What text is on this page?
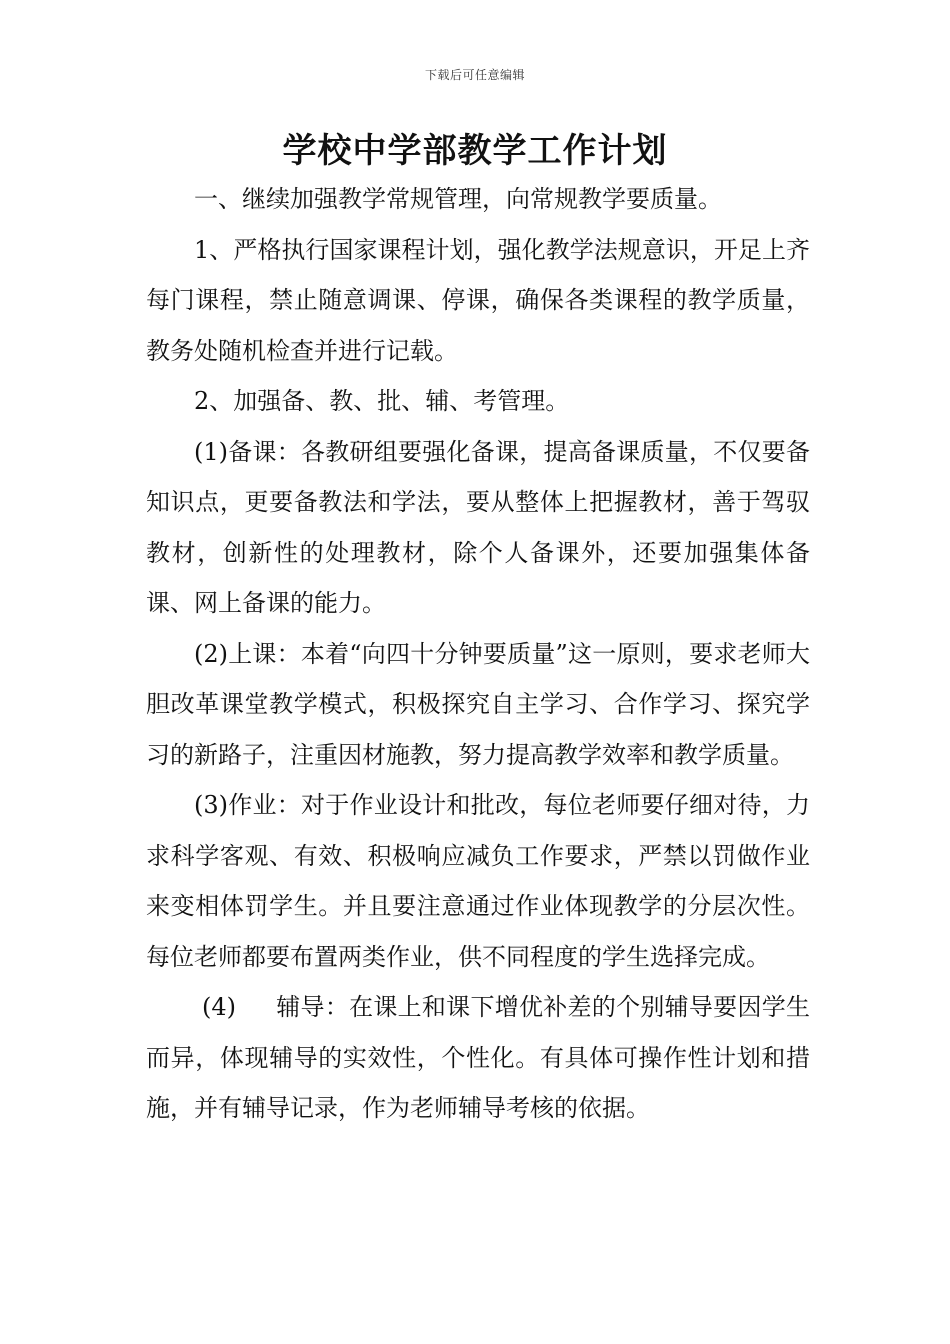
下载后可任意编辑
学校中学部教学工作计划

一、继续加强教学常规管理，向常规教学要质量。

1、严格执行国家课程计划，强化教学法规意识，开足上齐每门课程，禁止随意调课、停课，确保各类课程的教学质量，教务处随机检查并进行记载。

2、加强备、教、批、辅、考管理。

(1)备课：各教研组要强化备课，提高备课质量，不仅要备知识点，更要备教法和学法，要从整体上把握教材，善于驾驭教材，创新性的处理教材，除个人备课外，还要加强集体备课、网上备课的能力。

(2)上课：本着“向四十分钟要质量”这一原则，要求老师大胆改革课堂教学模式，积极探究自主学习、合作学习、探究学习的新路子，注重因材施教，努力提高教学效率和教学质量。

(3)作业：对于作业设计和批改，每位老师要仔细对待，力求科学客观、有效、积极响应减负工作要求，严禁以罚做作业来变相体罚学生。并且要注意通过作业体现教学的分层次性。每位老师都要布置两类作业，供不同程度的学生选择完成。

(4) 辅导：在课上和课下增优补差的个别辅导要因学生而异，体现辅导的实效性，个性化。有具体可操作性计划和措施，并有辅导记录，作为老师辅导考核的依据。
